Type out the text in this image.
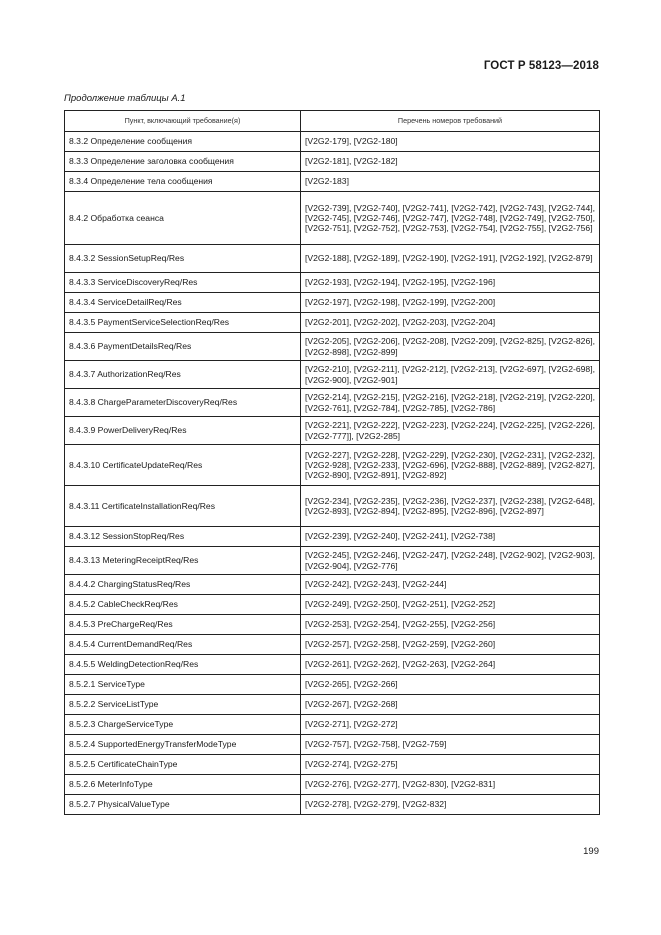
ГОСТ Р 58123—2018
Продолжение таблицы А.1
Пункт, включающий требование(я)	Перечень номеров требований
8.3.2 Определение сообщения	[V2G2-179], [V2G2-180]
8.3.3 Определение заголовка сообщения	[V2G2-181], [V2G2-182]
8.3.4 Определение тела сообщения	[V2G2-183]
8.4.2 Обработка сеанса	[V2G2-739], [V2G2-740], [V2G2-741], [V2G2-742], [V2G2-743], [V2G2-744], [V2G2-745], [V2G2-746], [V2G2-747], [V2G2-748], [V2G2-749], [V2G2-750], [V2G2-751], [V2G2-752], [V2G2-753], [V2G2-754], [V2G2-755], [V2G2-756]
8.4.3.2 SessionSetupReq/Res	[V2G2-188], [V2G2-189], [V2G2-190], [V2G2-191], [V2G2-192], [V2G2-879]
8.4.3.3 ServiceDiscoveryReq/Res	[V2G2-193], [V2G2-194], [V2G2-195], [V2G2-196]
8.4.3.4 ServiceDetailReq/Res	[V2G2-197], [V2G2-198], [V2G2-199], [V2G2-200]
8.4.3.5 PaymentServiceSelectionReq/Res	[V2G2-201], [V2G2-202], [V2G2-203], [V2G2-204]
8.4.3.6 PaymentDetailsReq/Res	[V2G2-205], [V2G2-206], [V2G2-208], [V2G2-209], [V2G2-825], [V2G2-826], [V2G2-898], [V2G2-899]
8.4.3.7 AuthorizationReq/Res	[V2G2-210], [V2G2-211], [V2G2-212], [V2G2-213], [V2G2-697], [V2G2-698], [V2G2-900], [V2G2-901]
8.4.3.8 ChargeParameterDiscoveryReq/Res	[V2G2-214], [V2G2-215], [V2G2-216], [V2G2-218], [V2G2-219], [V2G2-220], [V2G2-761], [V2G2-784], [V2G2-785], [V2G2-786]
8.4.3.9 PowerDeliveryReq/Res	[V2G2-221], [V2G2-222], [V2G2-223], [V2G2-224], [V2G2-225], [V2G2-226], [V2G2-777]], [V2G2-285]
8.4.3.10 CertificateUpdateReq/Res	[V2G2-227], [V2G2-228], [V2G2-229], [V2G2-230], [V2G2-231], [V2G2-232], [V2G2-928], [V2G2-233], [V2G2-696], [V2G2-888], [V2G2-889], [V2G2-827], [V2G2-890], [V2G2-891], [V2G2-892]
8.4.3.11 CertificateInstallationReq/Res	[V2G2-234], [V2G2-235], [V2G2-236], [V2G2-237], [V2G2-238], [V2G2-648], [V2G2-893], [V2G2-894], [V2G2-895], [V2G2-896], [V2G2-897]
8.4.3.12 SessionStopReq/Res	[V2G2-239], [V2G2-240], [V2G2-241], [V2G2-738]
8.4.3.13 MeteringReceiptReq/Res	[V2G2-245], [V2G2-246], [V2G2-247], [V2G2-248], [V2G2-902], [V2G2-903], [V2G2-904], [V2G2-776]
8.4.4.2 ChargingStatusReq/Res	[V2G2-242], [V2G2-243], [V2G2-244]
8.4.5.2 CableCheckReq/Res	[V2G2-249], [V2G2-250], [V2G2-251], [V2G2-252]
8.4.5.3 PreChargeReq/Res	[V2G2-253], [V2G2-254], [V2G2-255], [V2G2-256]
8.4.5.4 CurrentDemandReq/Res	[V2G2-257], [V2G2-258], [V2G2-259], [V2G2-260]
8.4.5.5 WeldingDetectionReq/Res	[V2G2-261], [V2G2-262], [V2G2-263], [V2G2-264]
8.5.2.1 ServiceType	[V2G2-265], [V2G2-266]
8.5.2.2 ServiceListType	[V2G2-267], [V2G2-268]
8.5.2.3 ChargeServiceType	[V2G2-271], [V2G2-272]
8.5.2.4 SupportedEnergyTransferModeType	[V2G2-757], [V2G2-758], [V2G2-759]
8.5.2.5 CertificateChainType	[V2G2-274], [V2G2-275]
8.5.2.6 MeterInfoType	[V2G2-276], [V2G2-277], [V2G2-830], [V2G2-831]
8.5.2.7 PhysicalValueType	[V2G2-278], [V2G2-279], [V2G2-832]
199
